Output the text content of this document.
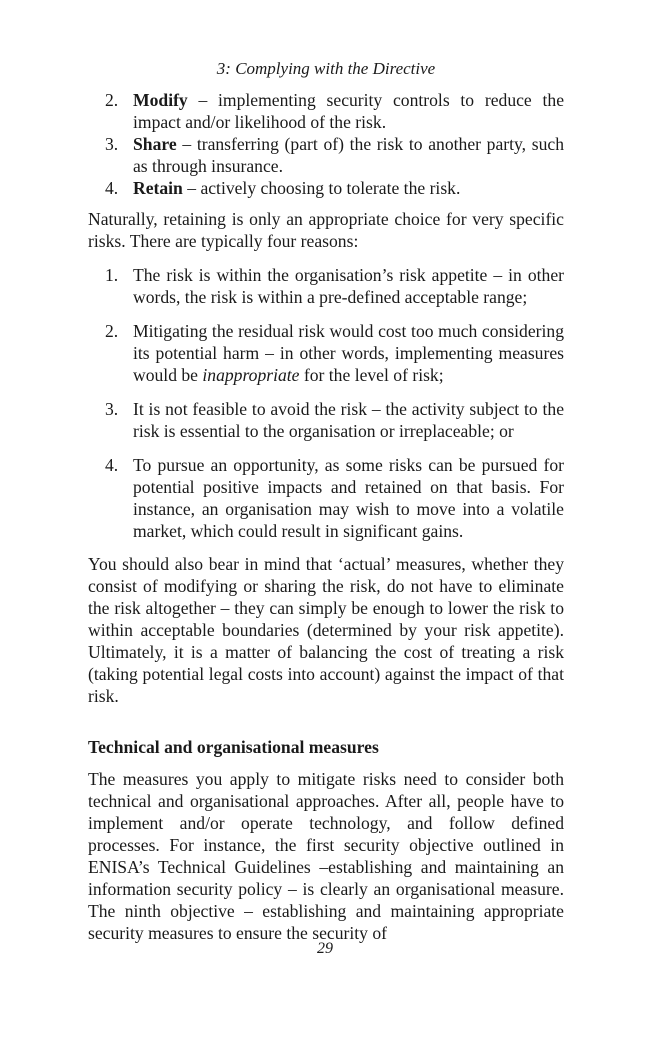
3: Complying with the Directive
2. Modify – implementing security controls to reduce the impact and/or likelihood of the risk.
3. Share – transferring (part of) the risk to another party, such as through insurance.
4. Retain – actively choosing to tolerate the risk.

Naturally, retaining is only an appropriate choice for very specific risks. There are typically four reasons:

1. The risk is within the organisation’s risk appetite – in other words, the risk is within a pre-defined acceptable range;
2. Mitigating the residual risk would cost too much considering its potential harm – in other words, implementing measures would be inappropriate for the level of risk;
3. It is not feasible to avoid the risk – the activity subject to the risk is essential to the organisation or irreplaceable; or
4. To pursue an opportunity, as some risks can be pursued for potential positive impacts and retained on that basis. For instance, an organisation may wish to move into a volatile market, which could result in significant gains.

You should also bear in mind that ‘actual’ measures, whether they consist of modifying or sharing the risk, do not have to eliminate the risk altogether – they can simply be enough to lower the risk to within acceptable boundaries (determined by your risk appetite). Ultimately, it is a matter of balancing the cost of treating a risk (taking potential legal costs into account) against the impact of that risk.

Technical and organisational measures

The measures you apply to mitigate risks need to consider both technical and organisational approaches. After all, people have to implement and/or operate technology, and follow defined processes. For instance, the first security objective outlined in ENISA’s Technical Guidelines –establishing and maintaining an information security policy – is clearly an organisational measure. The ninth objective – establishing and maintaining appropriate security measures to ensure the security of

29
